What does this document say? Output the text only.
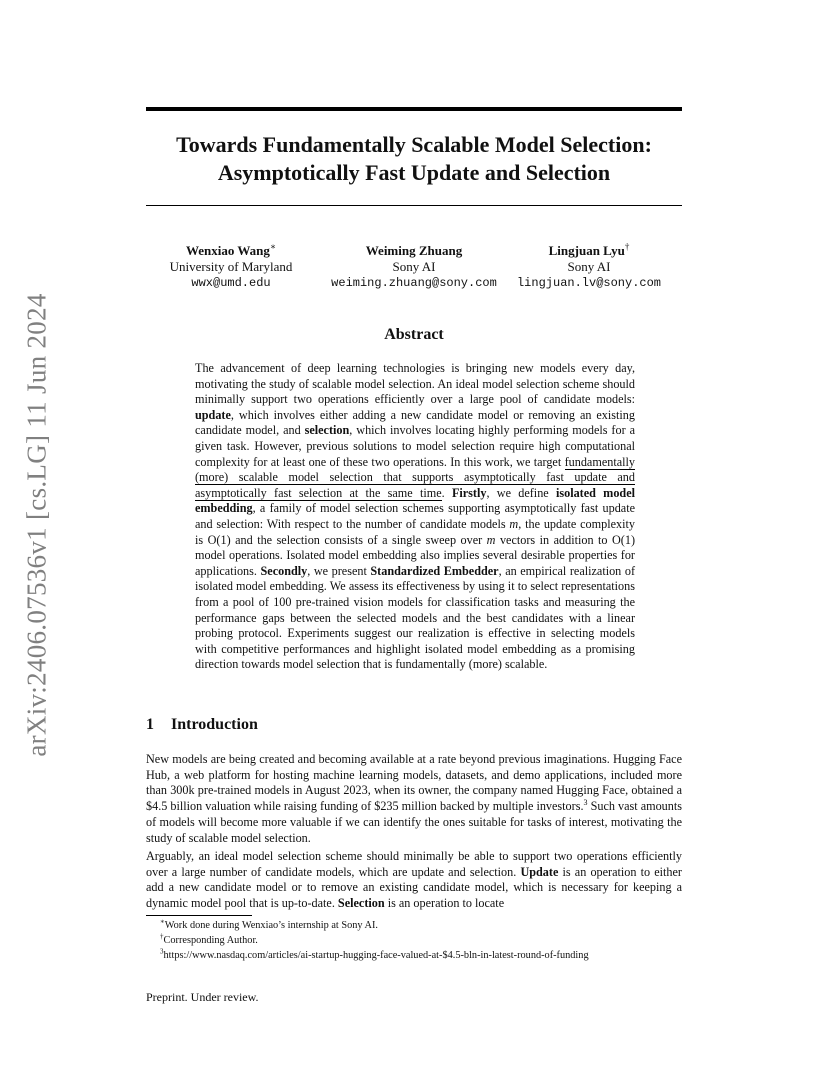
arXiv:2406.07536v1 [cs.LG] 11 Jun 2024
Towards Fundamentally Scalable Model Selection:
Asymptotically Fast Update and Selection
Wenxiao Wang∗
University of Maryland
wwx@umd.edu
Weiming Zhuang
Sony AI
weiming.zhuang@sony.com
Lingjuan Lyu†
Sony AI
lingjuan.lv@sony.com
Abstract

The advancement of deep learning technologies is bringing new models every day, motivating the study of scalable model selection. An ideal model selection scheme should minimally support two operations efficiently over a large pool of candidate models: update, which involves either adding a new candidate model or removing an existing candidate model, and selection, which involves locating highly performing models for a given task. However, previous solutions to model selection require high computational complexity for at least one of these two operations. In this work, we target fundamentally (more) scalable model selection that supports asymptotically fast update and asymptotically fast selection at the same time. Firstly, we define isolated model embedding, a family of model selection schemes supporting asymptotically fast update and selection: With respect to the number of candidate models m, the update complexity is O(1) and the selection consists of a single sweep over m vectors in addition to O(1) model operations. Isolated model embedding also implies several desirable properties for applications. Secondly, we present Standardized Embedder, an empirical realization of isolated model embedding. We assess its effectiveness by using it to select representations from a pool of 100 pre-trained vision models for classification tasks and measuring the performance gaps between the selected models and the best candidates with a linear probing protocol. Experiments suggest our realization is effective in selecting models with competitive performances and highlight isolated model embedding as a promising direction towards model selection that is fundamentally (more) scalable.

1 Introduction

New models are being created and becoming available at a rate beyond previous imaginations. Hugging Face Hub, a web platform for hosting machine learning models, datasets, and demo applications, included more than 300k pre-trained models in August 2023, when its owner, the company named Hugging Face, obtained a $4.5 billion valuation while raising funding of $235 million backed by multiple investors.$^3$ Such vast amounts of models will become more valuable if we can identify the ones suitable for tasks of interest, motivating the study of scalable model selection.

Arguably, an ideal model selection scheme should minimally be able to support two operations efficiently over a large number of candidate models, which are update and selection. Update is an operation to either add a new candidate model or to remove an existing candidate model, which is necessary for keeping a dynamic model pool that is up-to-date. Selection is an operation to locate

∗Work done during Wenxiao’s internship at Sony AI.
†Corresponding Author.
$^3$https://www.nasdaq.com/articles/ai-startup-hugging-face-valued-at-$4.5-bln-in-latest-round-of-funding
Preprint. Under review.
